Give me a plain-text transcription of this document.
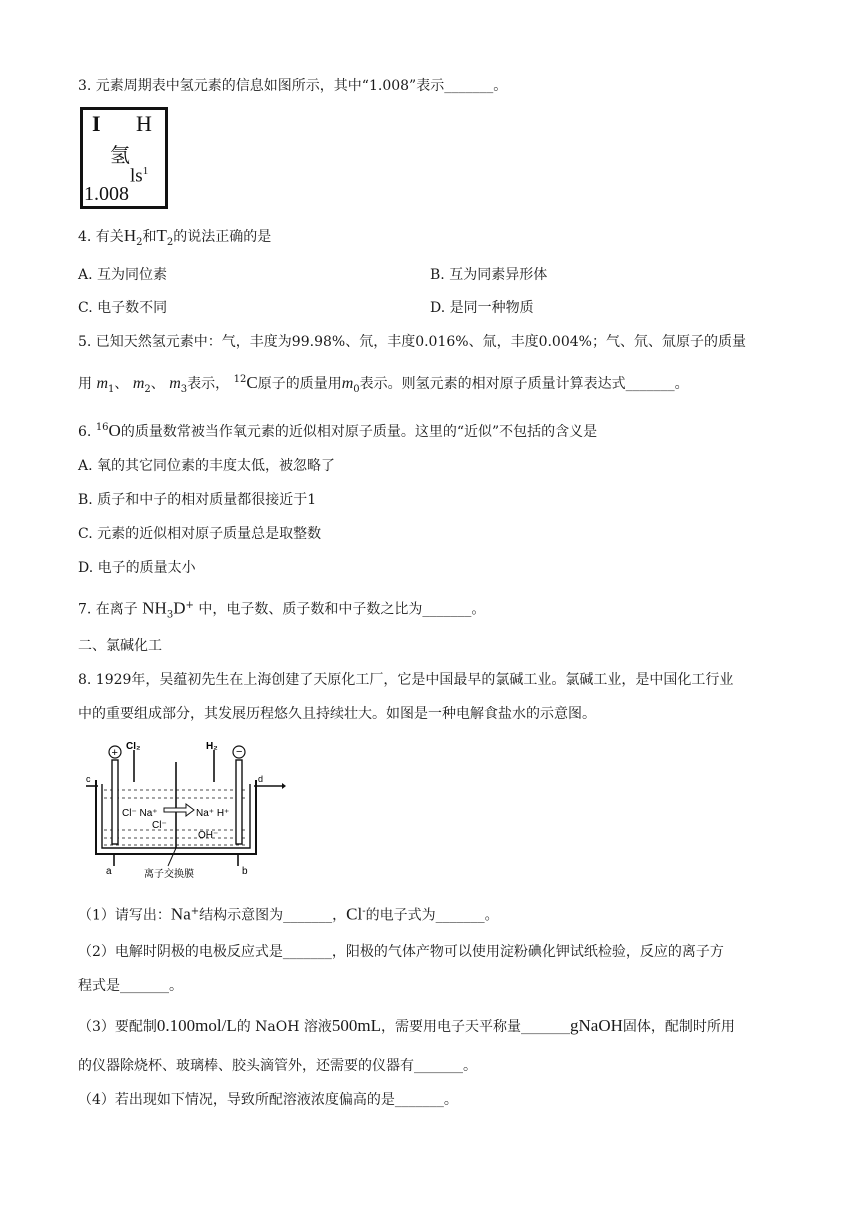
3. 元素周期表中氢元素的信息如图所示，其中“1.008”表示_______。
I H
氢
$ls^1$
1.008
4. 有关$H_2$和$T_2$的说法正确的是
A. 互为同位素	B. 互为同素异形体
C. 电子数不同	D. 是同一种物质
5. 已知天然氢元素中：气，丰度为99.98%、氘，丰度0.016%、氚，丰度0.004%；气、氘、氚原子的质量
用 $m_1$、 $m_2$、 $m_3$表示， $^{12}$C原子的质量用$m_0$表示。则氢元素的相对原子质量计算表达式_______。
6. $^{16}$O的质量数常被当作氧元素的近似相对原子质量。这里的“近似”不包括的含义是
A. 氧的其它同位素的丰度太低，被忽略了
B. 质子和中子的相对质量都很接近于1
C. 元素的近似相对原子质量总是取整数
D. 电子的质量太小
7. 在离子 $NH_3D^+$ 中，电子数、质子数和中子数之比为_______。
二、氯碱化工
8. 1929年，吴蕴初先生在上海创建了天原化工厂，它是中国最早的氯碱工业。氯碱工业，是中国化工行业
中的重要组成部分，其发展历程悠久且持续壮大。如图是一种电解食盐水的示意图。
c	d
+	−
Cl₂	H₂
Cl⁻ Na⁺	Na⁺ H⁺
Cl⁻
OH⁻
a	b
离子交换膜
（1）请写出：Na+结构示意图为_______，Cl-的电子式为_______。
（2）电解时阴极的电极反应式是_______，阳极的气体产物可以使用淀粉碘化钾试纸检验，反应的离子方
程式是_______。
（3）要配制0.100mol/L的 NaOH 溶液500mL，需要用电子天平称量_______gNaOH固体，配制时所用
的仪器除烧杯、玻璃棒、胶头滴管外，还需要的仪器有_______。
（4）若出现如下情况，导致所配溶液浓度偏高的是_______。
